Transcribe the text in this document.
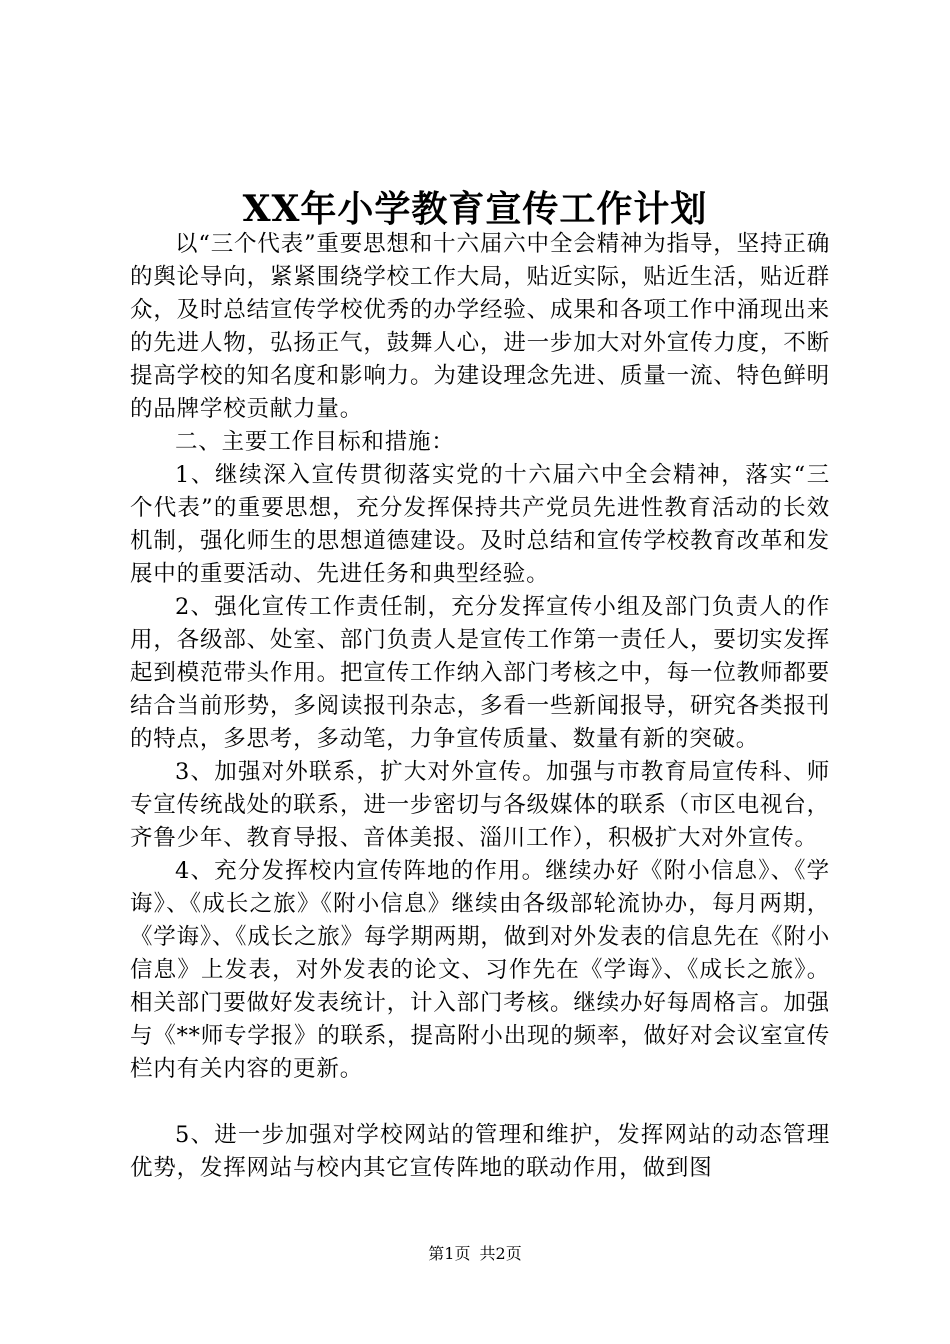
XX年小学教育宣传工作计划

以“三个代表”重要思想和十六届六中全会精神为指导，坚持正确的舆论导向，紧紧围绕学校工作大局，贴近实际，贴近生活，贴近群众，及时总结宣传学校优秀的办学经验、成果和各项工作中涌现出来的先进人物，弘扬正气，鼓舞人心，进一步加大对外宣传力度，不断提高学校的知名度和影响力。为建设理念先进、质量一流、特色鲜明的品牌学校贡献力量。

二、主要工作目标和措施：

1、继续深入宣传贯彻落实党的十六届六中全会精神，落实“三个代表”的重要思想，充分发挥保持共产党员先进性教育活动的长效机制，强化师生的思想道德建设。及时总结和宣传学校教育改革和发展中的重要活动、先进任务和典型经验。

2、强化宣传工作责任制，充分发挥宣传小组及部门负责人的作用，各级部、处室、部门负责人是宣传工作第一责任人，要切实发挥起到模范带头作用。把宣传工作纳入部门考核之中，每一位教师都要结合当前形势，多阅读报刊杂志，多看一些新闻报导，研究各类报刊的特点，多思考，多动笔，力争宣传质量、数量有新的突破。

3、加强对外联系，扩大对外宣传。加强与市教育局宣传科、师专宣传统战处的联系，进一步密切与各级媒体的联系（市区电视台，齐鲁少年、教育导报、音体美报、淄川工作），积极扩大对外宣传。

4、充分发挥校内宣传阵地的作用。继续办好《附小信息》、《学诲》、《成长之旅》《附小信息》继续由各级部轮流协办，每月两期，《学诲》、《成长之旅》每学期两期，做到对外发表的信息先在《附小信息》上发表，对外发表的论文、习作先在《学诲》、《成长之旅》。相关部门要做好发表统计，计入部门考核。继续办好每周格言。加强与《**师专学报》的联系，提高附小出现的频率，做好对会议室宣传栏内有关内容的更新。

5、进一步加强对学校网站的管理和维护，发挥网站的动态管理优势，发挥网站与校内其它宣传阵地的联动作用，做到图

第1页 共2页
